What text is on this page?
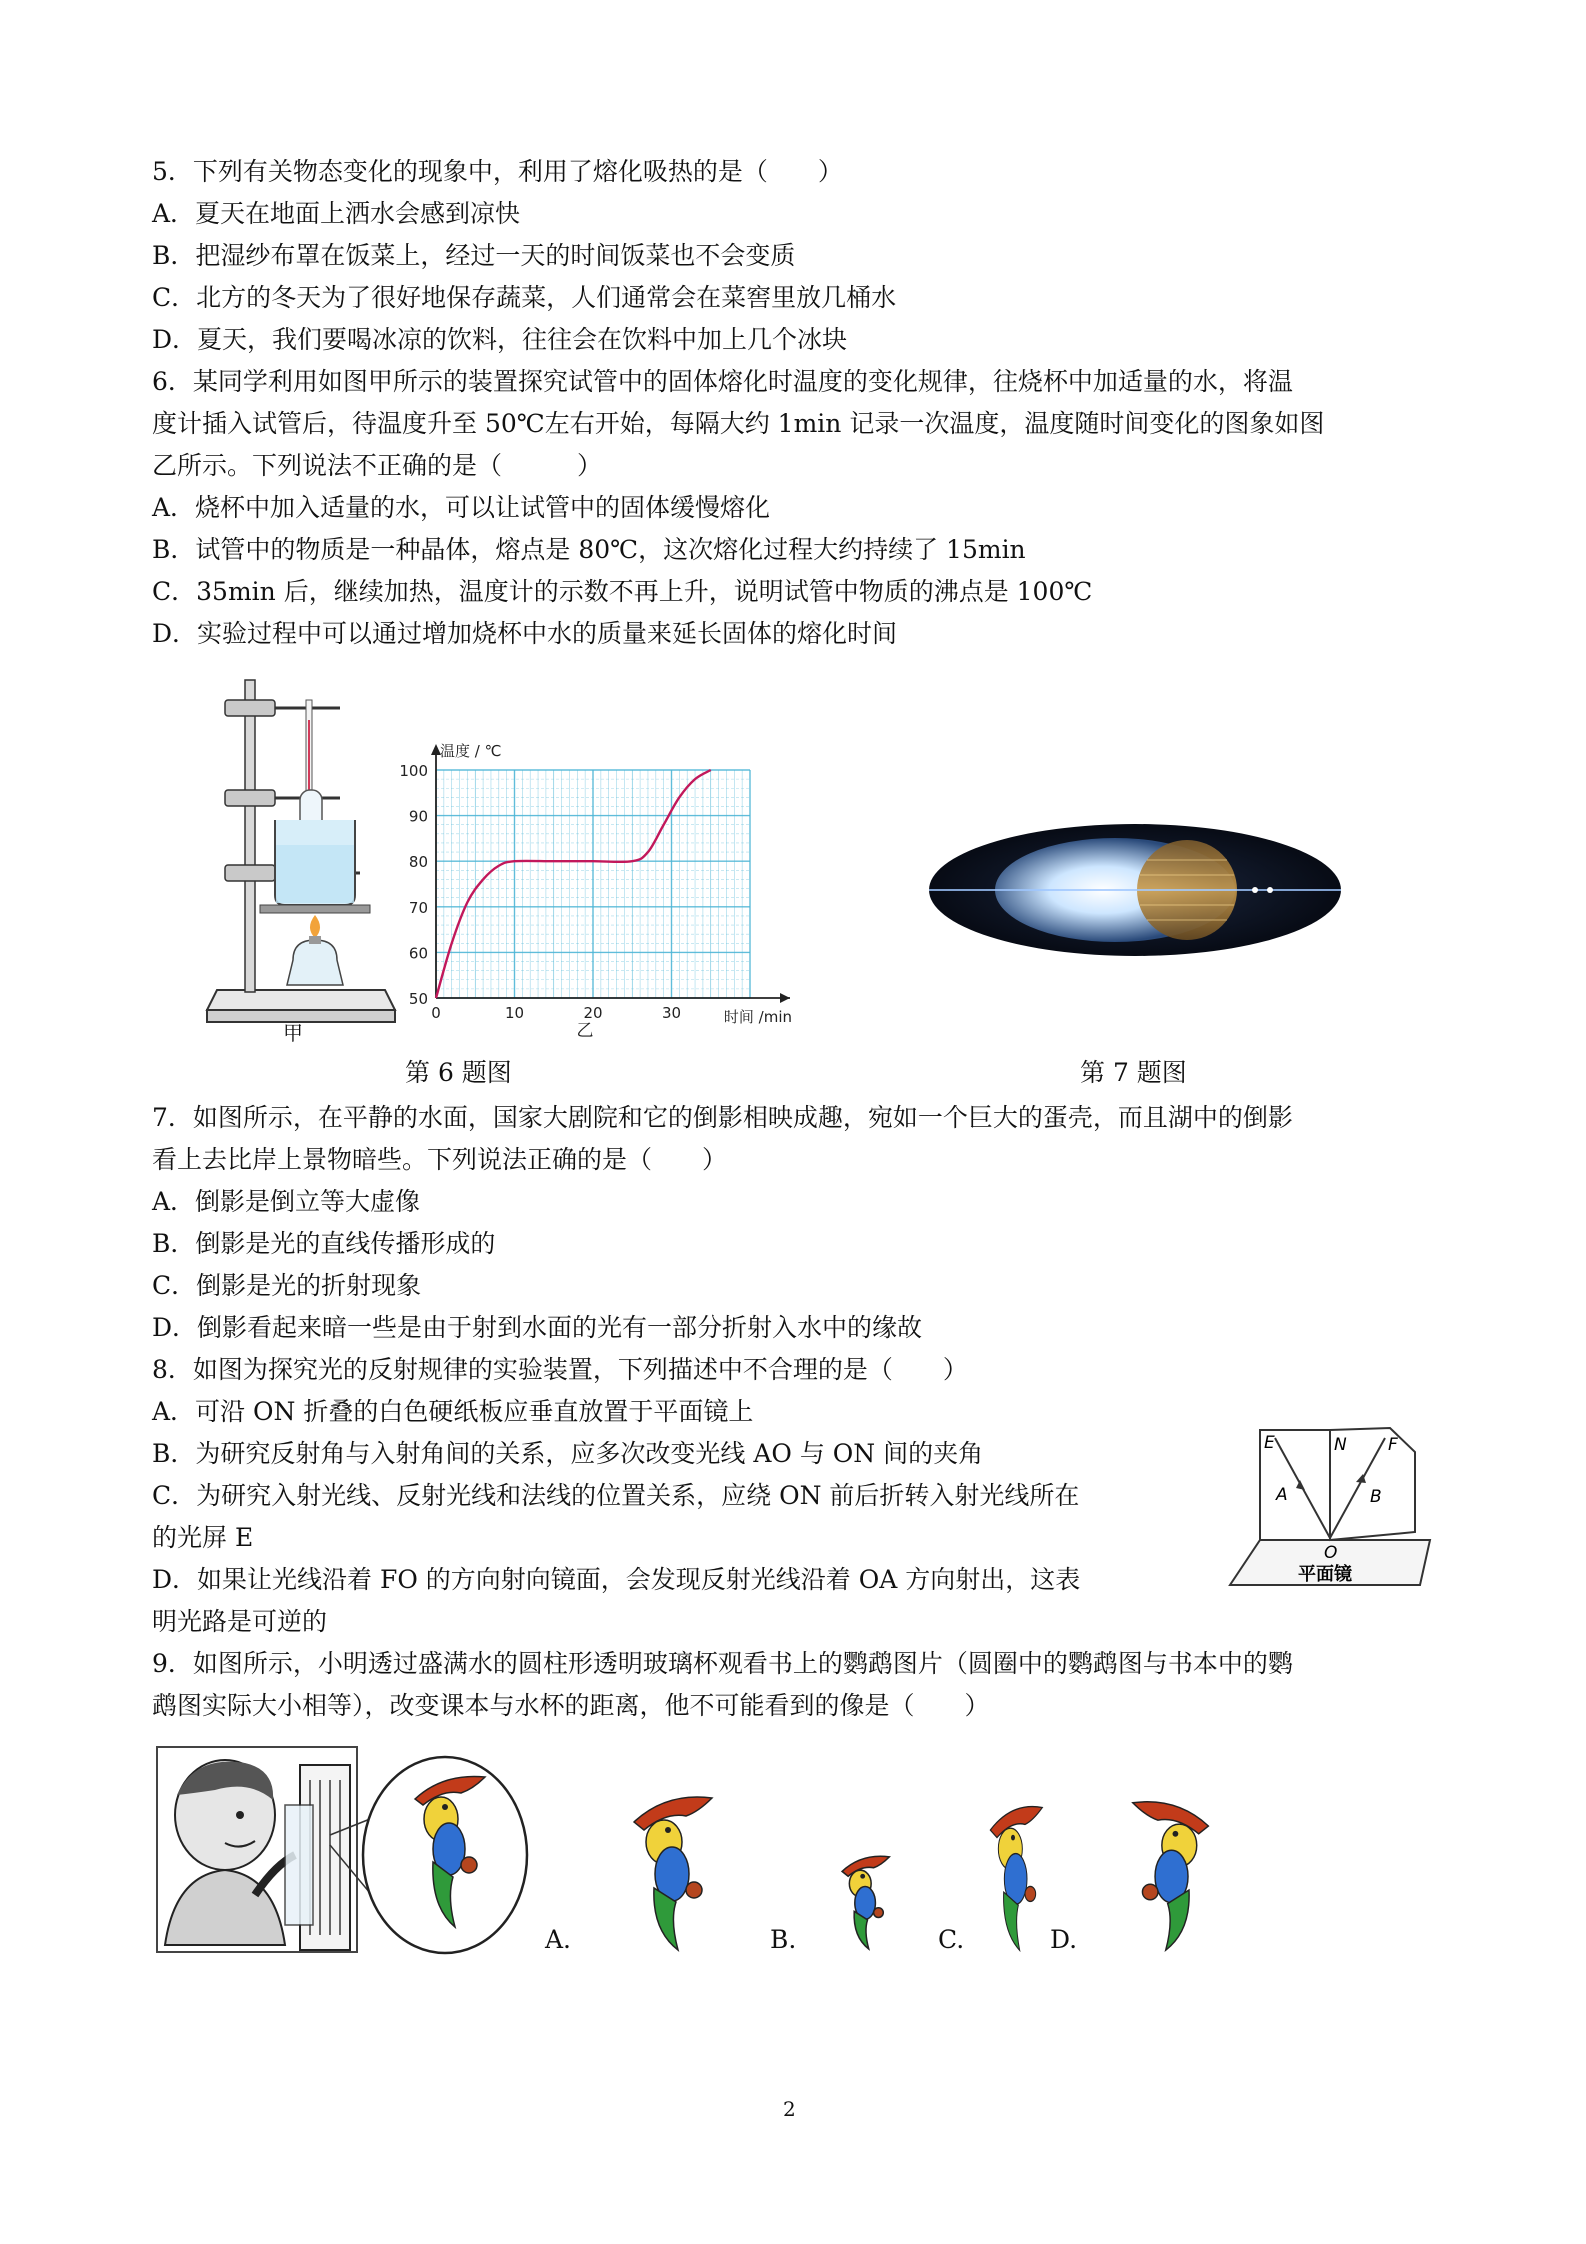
5．下列有关物态变化的现象中，利用了熔化吸热的是（　　）
A．夏天在地面上洒水会感到凉快
B．把湿纱布罩在饭菜上，经过一天的时间饭菜也不会变质
C．北方的冬天为了很好地保存蔬菜，人们通常会在菜窖里放几桶水
D．夏天，我们要喝冰凉的饮料，往往会在饮料中加上几个冰块
6．某同学利用如图甲所示的装置探究试管中的固体熔化时温度的变化规律，往烧杯中加适量的水，将温
度计插入试管后，待温度升至 50℃左右开始，每隔大约 1min 记录一次温度，温度随时间变化的图象如图
乙所示。下列说法不正确的是（　　　）
A．烧杯中加入适量的水，可以让试管中的固体缓慢熔化
B．试管中的物质是一种晶体，熔点是 80℃，这次熔化过程大约持续了 15min
C．35min 后，继续加热，温度计的示数不再上升，说明试管中物质的沸点是 100℃
D．实验过程中可以通过增加烧杯中水的质量来延长固体的熔化时间
甲
50
60
70
80
90
100
0	10	20	30
温度 / ℃
时间 /min
乙
第 6 题图	第 7 题图
7．如图所示，在平静的水面，国家大剧院和它的倒影相映成趣，宛如一个巨大的蛋壳，而且湖中的倒影
看上去比岸上景物暗些。下列说法正确的是（　　）
A．倒影是倒立等大虚像
B．倒影是光的直线传播形成的
C．倒影是光的折射现象
D．倒影看起来暗一些是由于射到水面的光有一部分折射入水中的缘故
8．如图为探究光的反射规律的实验装置，下列描述中不合理的是（　　）
A．可沿 ON 折叠的白色硬纸板应垂直放置于平面镜上
B．为研究反射角与入射角间的关系，应多次改变光线 AO 与 ON 间的夹角
C．为研究入射光线、反射光线和法线的位置关系，应绕 ON 前后折转入射光线所在
的光屏 E
D．如果让光线沿着 FO 的方向射向镜面，会发现反射光线沿着 OA 方向射出，这表
明光路是可逆的
E	N F
A	B
O
平面镜
9．如图所示，小明透过盛满水的圆柱形透明玻璃杯观看书上的鹦鹉图片（圆圈中的鹦鹉图与书本中的鹦
鹉图实际大小相等），改变课本与水杯的距离，他不可能看到的像是（　　）
A.	B.	C.	D.
2
